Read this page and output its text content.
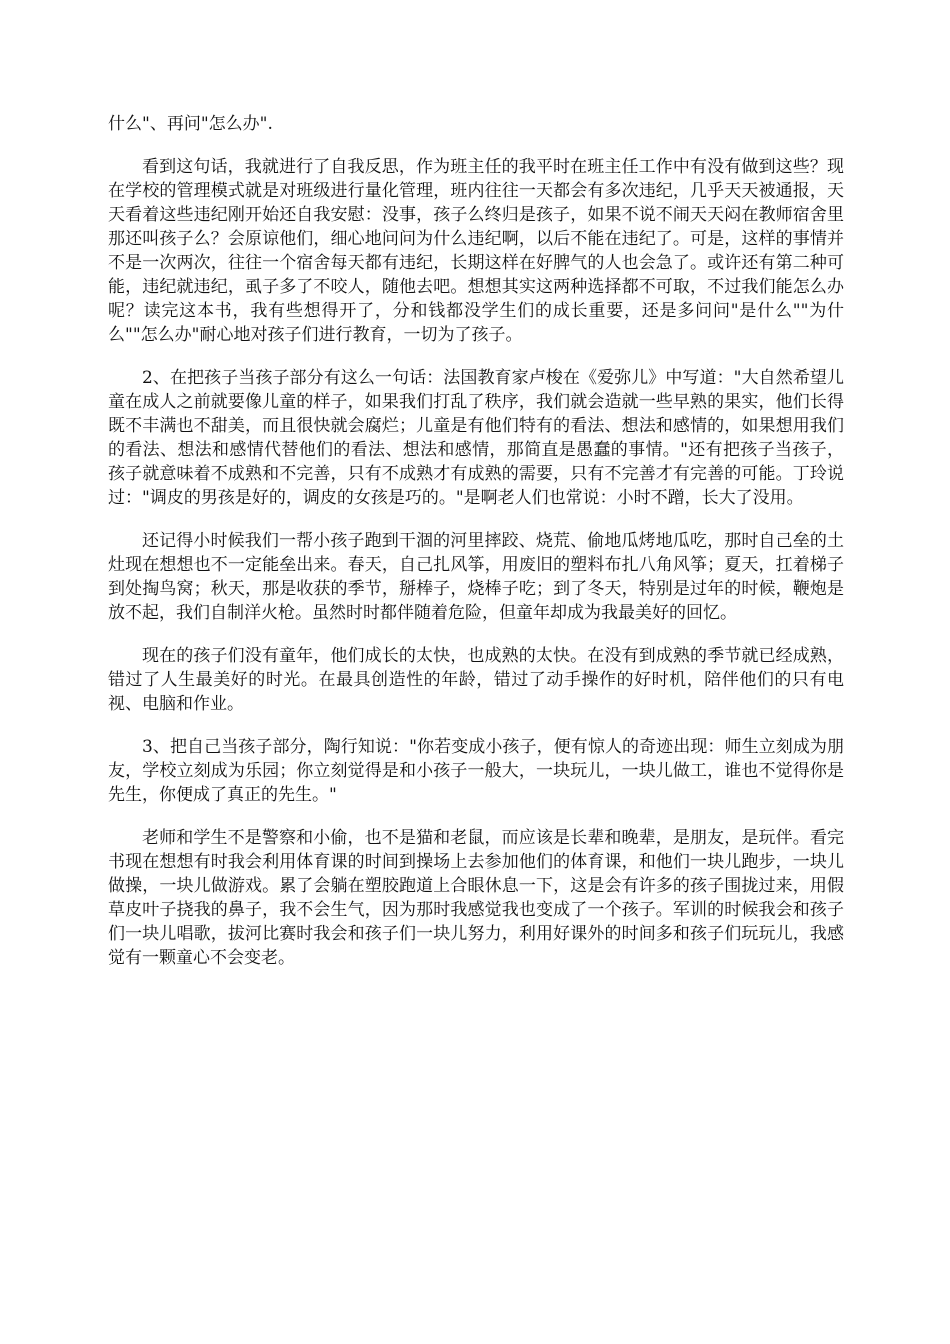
什么"、再问"怎么办".

看到这句话，我就进行了自我反思，作为班主任的我平时在班主任工作中有没有做到这些？现在学校的管理模式就是对班级进行量化管理，班内往往一天都会有多次违纪，几乎天天被通报，天天看着这些违纪刚开始还自我安慰：没事，孩子么终归是孩子，如果不说不闹天天闷在教师宿舍里那还叫孩子么？会原谅他们，细心地问问为什么违纪啊，以后不能在违纪了。可是，这样的事情并不是一次两次，往往一个宿舍每天都有违纪，长期这样在好脾气的人也会急了。或许还有第二种可能，违纪就违纪，虱子多了不咬人，随他去吧。想想其实这两种选择都不可取，不过我们能怎么办呢？读完这本书，我有些想得开了，分和钱都没学生们的成长重要，还是多问问"是什么""为什么""怎么办"耐心地对孩子们进行教育，一切为了孩子。

2、在把孩子当孩子部分有这么一句话：法国教育家卢梭在《爱弥儿》中写道："大自然希望儿童在成人之前就要像儿童的样子，如果我们打乱了秩序，我们就会造就一些早熟的果实，他们长得既不丰满也不甜美，而且很快就会腐烂；儿童是有他们特有的看法、想法和感情的，如果想用我们的看法、想法和感情代替他们的看法、想法和感情，那简直是愚蠢的事情。"还有把孩子当孩子，孩子就意味着不成熟和不完善，只有不成熟才有成熟的需要，只有不完善才有完善的可能。丁玲说过："调皮的男孩是好的，调皮的女孩是巧的。"是啊老人们也常说：小时不蹭，长大了没用。

还记得小时候我们一帮小孩子跑到干涸的河里摔跤、烧荒、偷地瓜烤地瓜吃，那时自己垒的土灶现在想想也不一定能垒出来。春天，自己扎风筝，用废旧的塑料布扎八角风筝；夏天，扛着梯子到处掏鸟窝；秋天，那是收获的季节，掰棒子，烧棒子吃；到了冬天，特别是过年的时候，鞭炮是放不起，我们自制洋火枪。虽然时时都伴随着危险，但童年却成为我最美好的回忆。

现在的孩子们没有童年，他们成长的太快，也成熟的太快。在没有到成熟的季节就已经成熟，错过了人生最美好的时光。在最具创造性的年龄，错过了动手操作的好时机，陪伴他们的只有电视、电脑和作业。

3、把自己当孩子部分，陶行知说："你若变成小孩子，便有惊人的奇迹出现：师生立刻成为朋友，学校立刻成为乐园；你立刻觉得是和小孩子一般大，一块玩儿，一块儿做工，谁也不觉得你是先生，你便成了真正的先生。"

老师和学生不是警察和小偷，也不是猫和老鼠，而应该是长辈和晚辈，是朋友，是玩伴。看完书现在想想有时我会利用体育课的时间到操场上去参加他们的体育课，和他们一块儿跑步，一块儿做操，一块儿做游戏。累了会躺在塑胶跑道上合眼休息一下，这是会有许多的孩子围拢过来，用假草皮叶子挠我的鼻子，我不会生气，因为那时我感觉我也变成了一个孩子。军训的时候我会和孩子们一块儿唱歌，拔河比赛时我会和孩子们一块儿努力，利用好课外的时间多和孩子们玩玩儿，我感觉有一颗童心不会变老。
